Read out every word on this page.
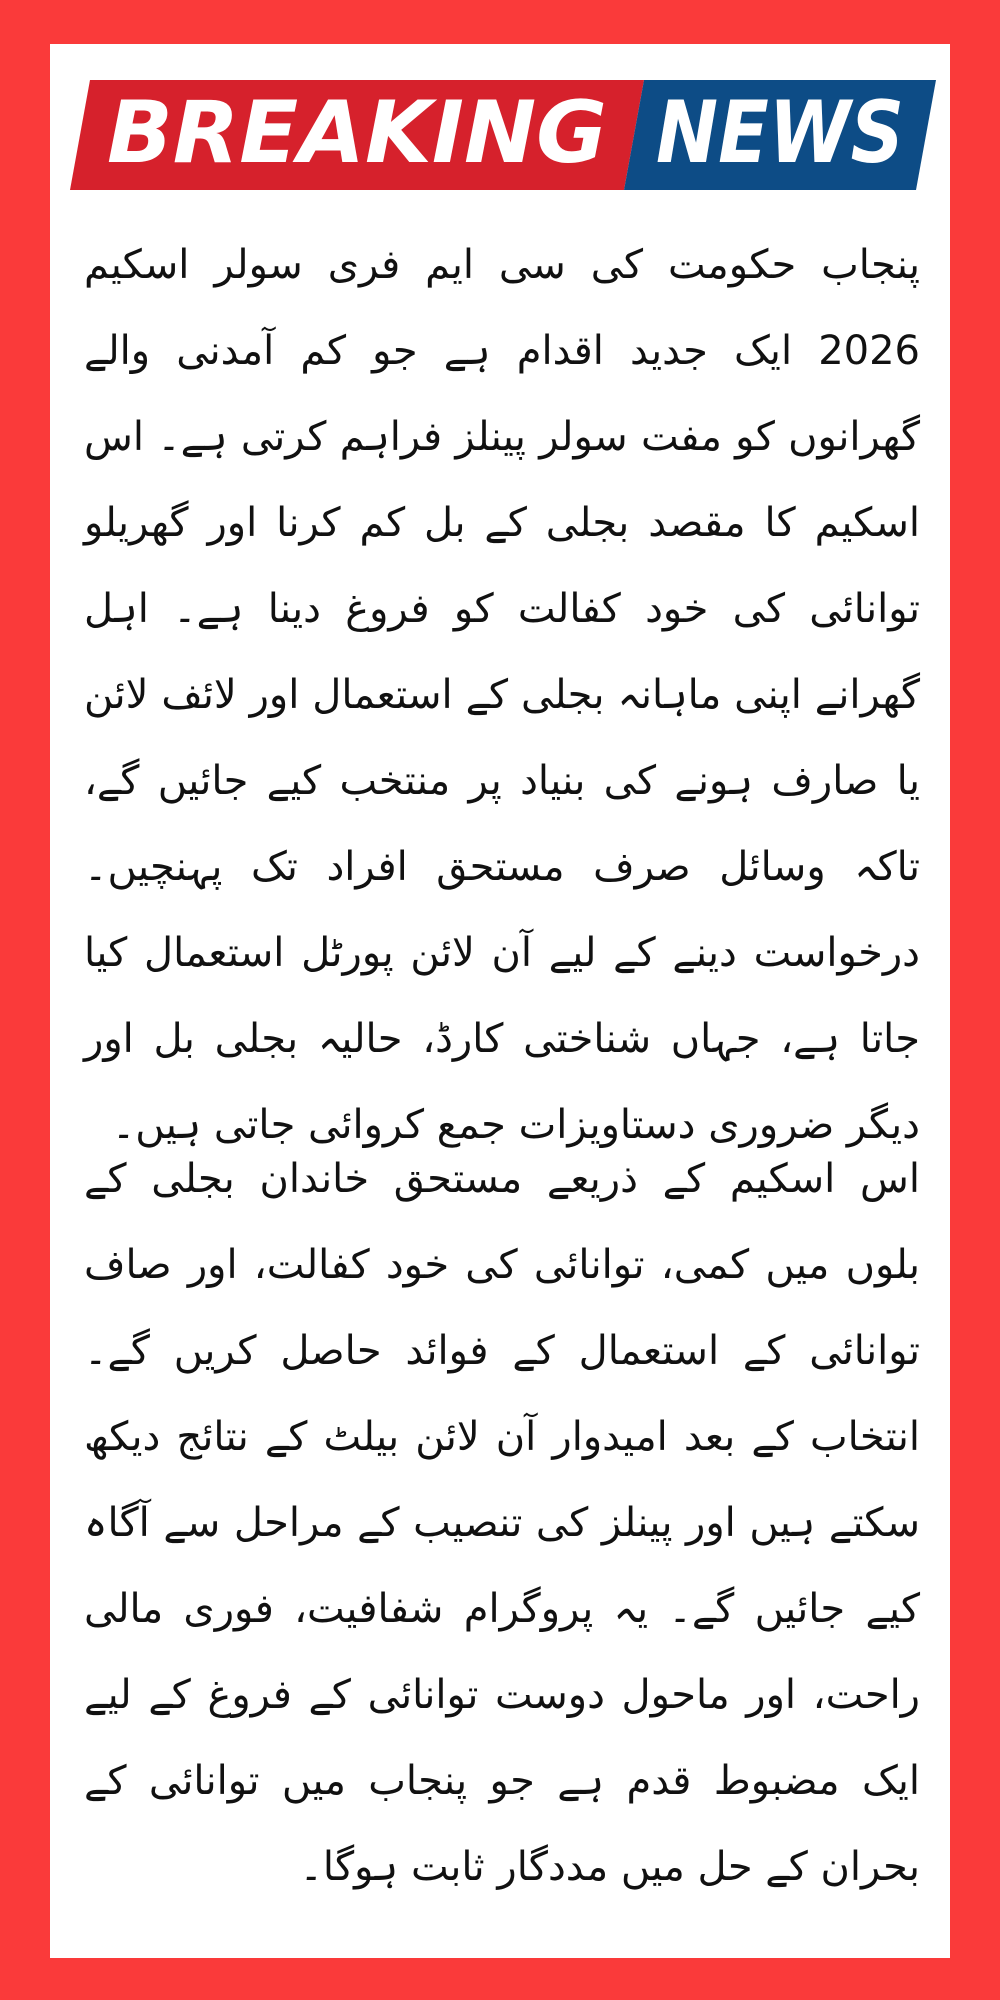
BREAKING NEWS

پنجاب حکومت کی سی ایم فری سولر اسکیم 2026 ایک جدید اقدام ہے جو کم آمدنی والے گھرانوں کو مفت سولر پینلز فراہم کرتی ہے۔ اس اسکیم کا مقصد بجلی کے بل کم کرنا اور گھریلو توانائی کی خود کفالت کو فروغ دینا ہے۔ اہل گھرانے اپنی ماہانہ بجلی کے استعمال اور لائف لائن یا صارف ہونے کی بنیاد پر منتخب کیے جائیں گے، تاکہ وسائل صرف مستحق افراد تک پہنچیں۔ درخواست دینے کے لیے آن لائن پورٹل استعمال کیا جاتا ہے، جہاں شناختی کارڈ، حالیہ بجلی بل اور دیگر ضروری دستاویزات جمع کروائی جاتی ہیں۔

اس اسکیم کے ذریعے مستحق خاندان بجلی کے بلوں میں کمی، توانائی کی خود کفالت، اور صاف توانائی کے استعمال کے فوائد حاصل کریں گے۔ انتخاب کے بعد امیدوار آن لائن بیلٹ کے نتائج دیکھ سکتے ہیں اور پینلز کی تنصیب کے مراحل سے آگاہ کیے جائیں گے۔ یہ پروگرام شفافیت، فوری مالی راحت، اور ماحول دوست توانائی کے فروغ کے لیے ایک مضبوط قدم ہے جو پنجاب میں توانائی کے بحران کے حل میں مددگار ثابت ہوگا۔
